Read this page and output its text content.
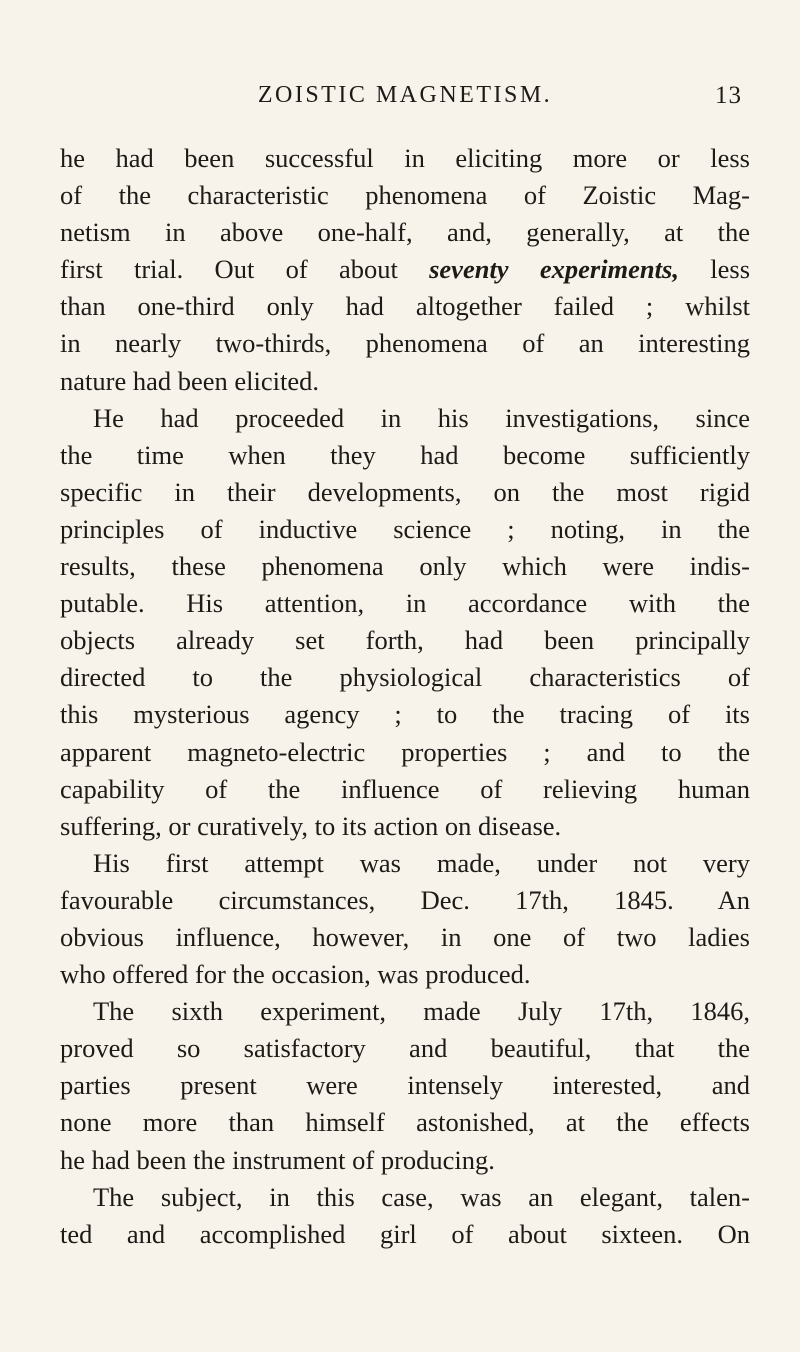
ZOISTIC MAGNETISM.	13
he had been successful in eliciting more or less
of the characteristic phenomena of Zoistic Mag-
netism in above one-half, and, generally, at the
first trial. Out of about seventy experiments, less
than one-third only had altogether failed ; whilst
in nearly two-thirds, phenomena of an interesting
nature had been elicited.
He had proceeded in his investigations, since
the time when they had become sufficiently
specific in their developments, on the most rigid
principles of inductive science ; noting, in the
results, these phenomena only which were indis-
putable. His attention, in accordance with the
objects already set forth, had been principally
directed to the physiological characteristics of
this mysterious agency ; to the tracing of its
apparent magneto-electric properties ; and to the
capability of the influence of relieving human
suffering, or curatively, to its action on disease.
His first attempt was made, under not very
favourable circumstances, Dec. 17th, 1845. An
obvious influence, however, in one of two ladies
who offered for the occasion, was produced.
The sixth experiment, made July 17th, 1846,
proved so satisfactory and beautiful, that the
parties present were intensely interested, and
none more than himself astonished, at the effects
he had been the instrument of producing.
The subject, in this case, was an elegant, talen-
ted and accomplished girl of about sixteen. On
